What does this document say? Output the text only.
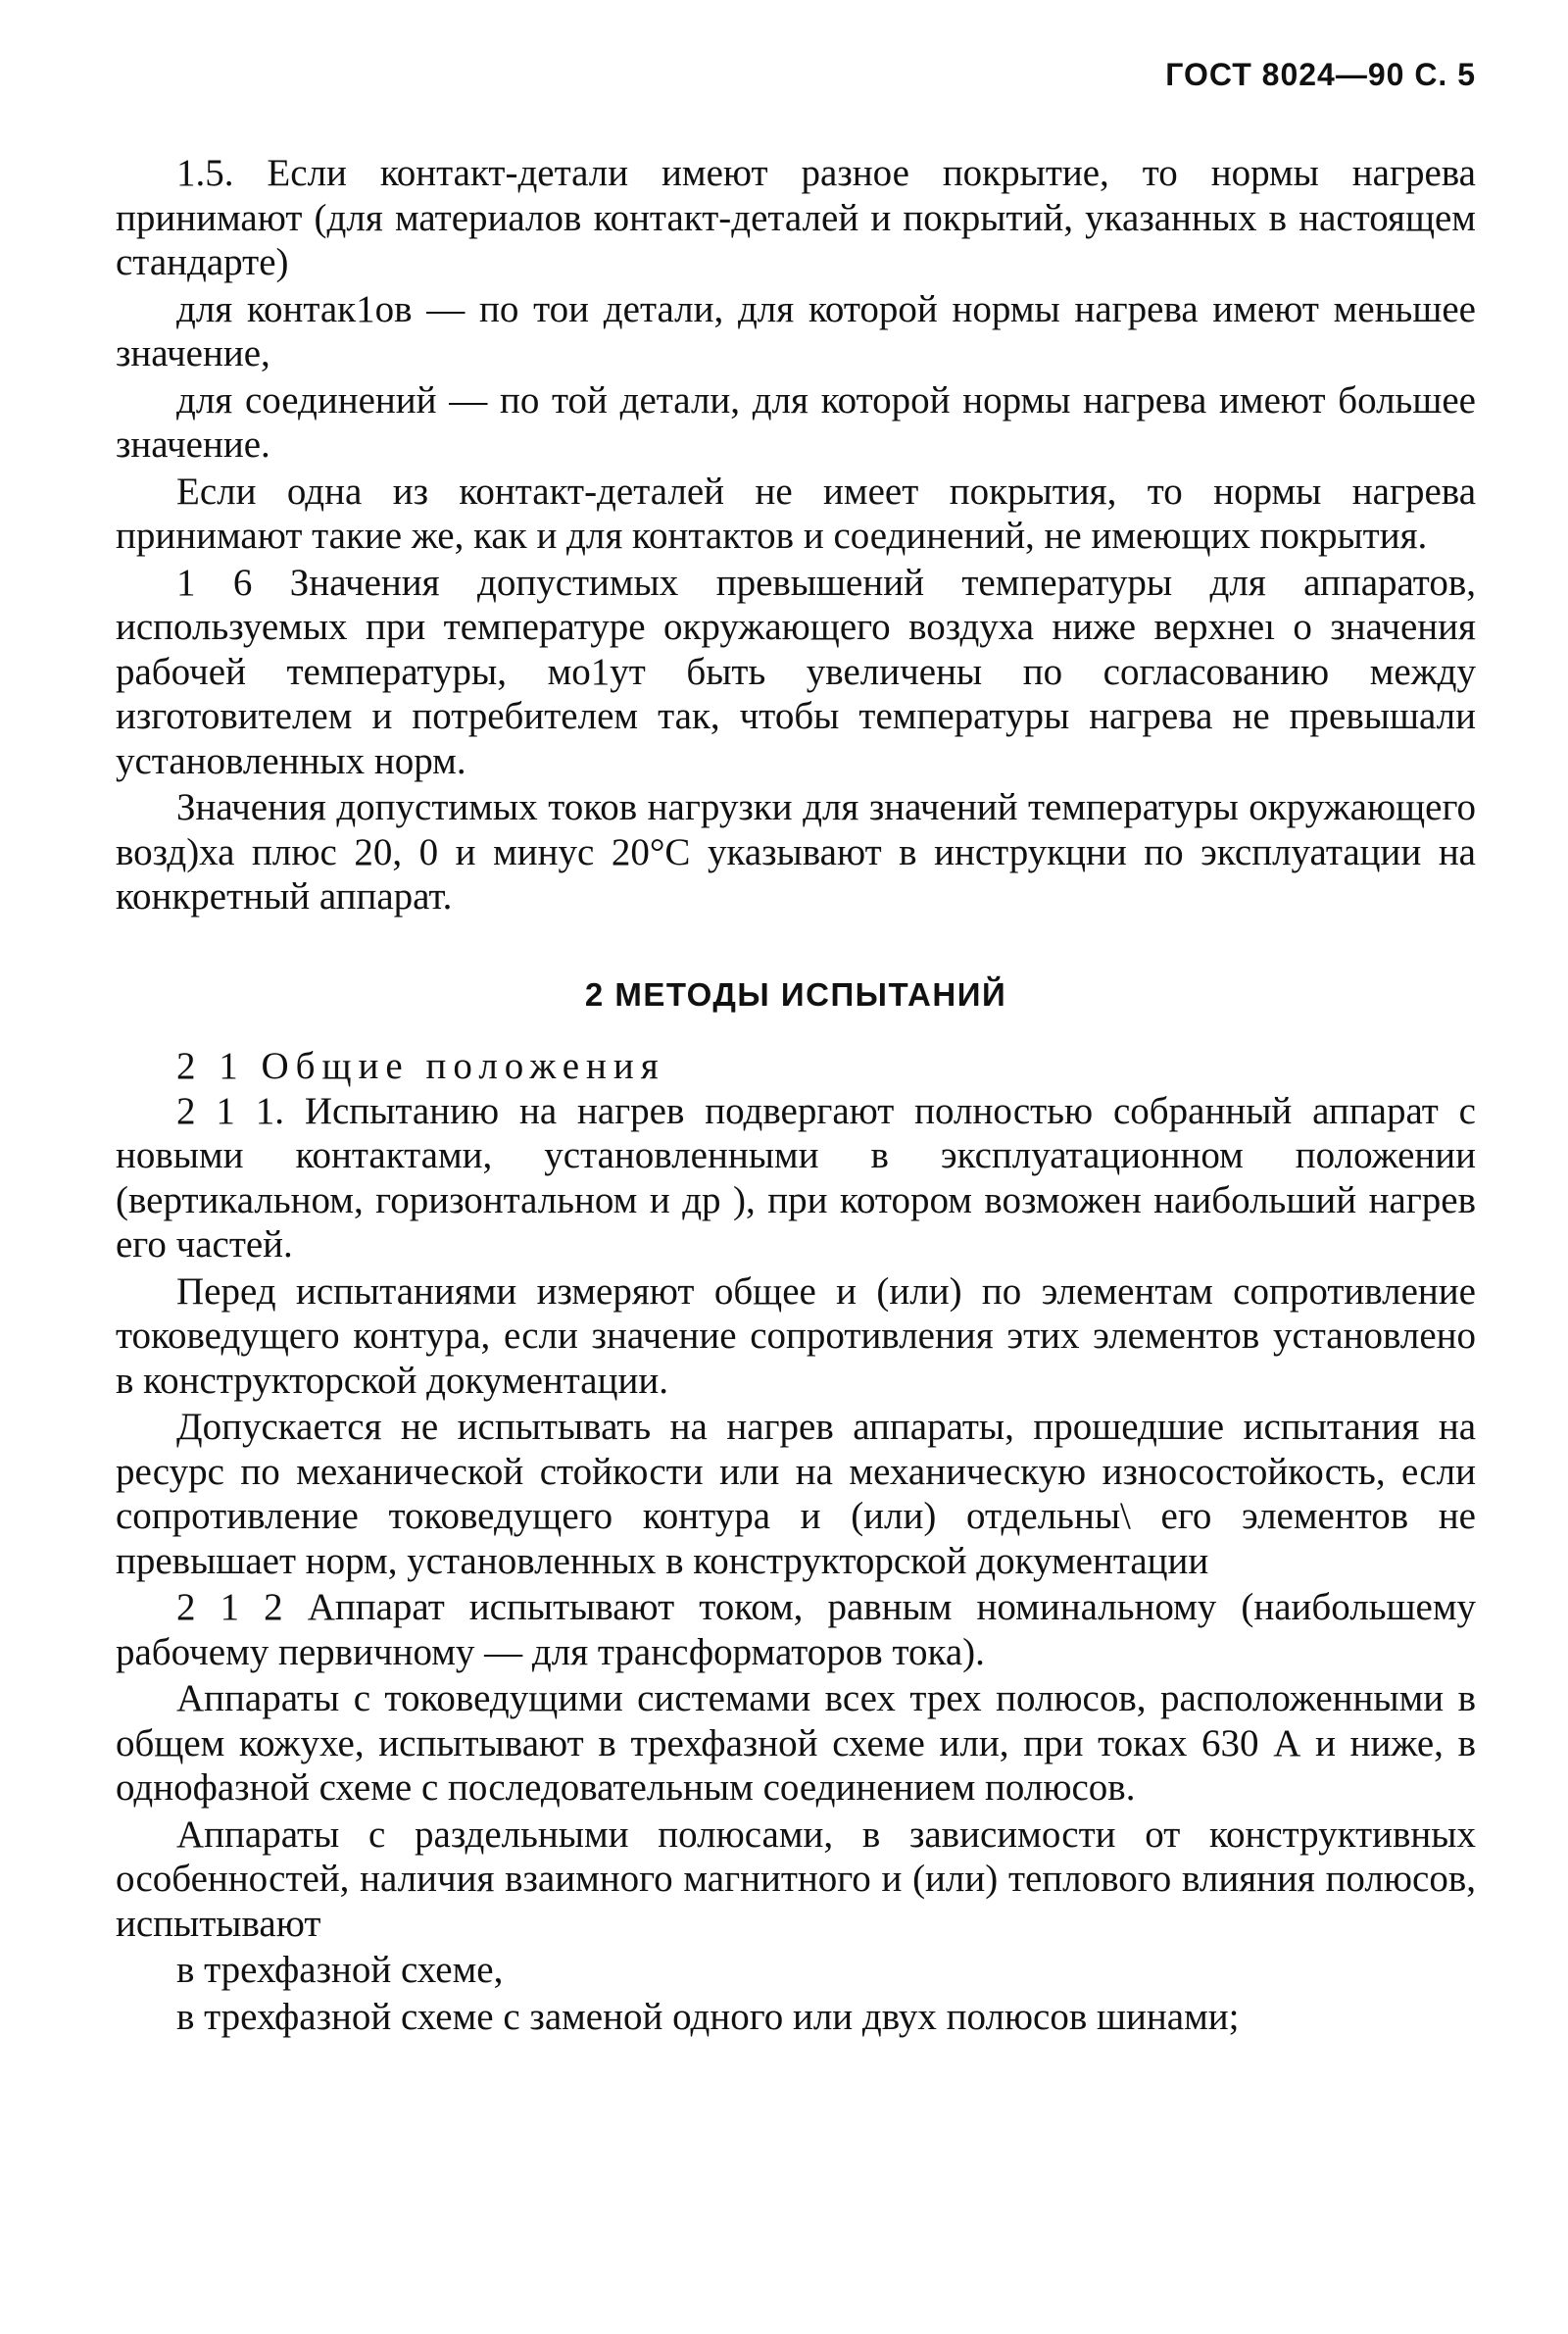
ГОСТ 8024—90 С. 5

1.5. Если контакт-детали имеют разное покрытие, то нормы нагрева принимают (для материалов контакт-деталей и покрытий, указанных в настоящем стандарте)

для контак1ов — по тои детали, для которой нормы нагрева имеют меньшее значение,

для соединений — по той детали, для которой нормы нагрева имеют большее значение.

Если одна из контакт-деталей не имеет покрытия, то нормы нагрева принимают такие же, как и для контактов и соединений, не имеющих покрытия.

1 6 Значения допустимых превышений температуры для аппаратов, используемых при температуре окружающего воздуха ниже верхнеı о значения рабочей температуры, мо1ут быть увеличены по согласованию между изготовителем и потребителем так, чтобы температуры нагрева не превышали установленных норм.

Значения допустимых токов нагрузки для значений температуры окружающего возд)ха плюс 20, 0 и минус 20°С указывают в инструкцни по эксплуатации на конкретный аппарат.

2 МЕТОДЫ ИСПЫТАНИЙ

2 1 Общие положения

2 1 1. Испытанию на нагрев подвергают полностью собранный аппарат с новыми контактами, установленными в эксплуатационном положении (вертикальном, горизонтальном и др ), при котором возможен наибольший нагрев его частей.

Перед испытаниями измеряют общее и (или) по элементам сопротивление токоведущего контура, если значение сопротивления этих элементов установлено в конструкторской документации.

Допускается не испытывать на нагрев аппараты, прошедшие испытания на ресурс по механической стойкости или на механическую износостойкость, если сопротивление токоведущего контура и (или) отдельны\ его элементов не превышает норм, установленных в конструкторской документации

2 1 2 Аппарат испытывают током, равным номинальному (наибольшему рабочему первичному — для трансформаторов тока).

Аппараты с токоведущими системами всех трех полюсов, расположенными в общем кожухе, испытывают в трехфазной схеме или, при токах 630 А и ниже, в однофазной схеме с последовательным соединением полюсов.

Аппараты с раздельными полюсами, в зависимости от конструктивных особенностей, наличия взаимного магнитного и (или) теплового влияния полюсов, испытывают

в трехфазной схеме,

в трехфазной схеме с заменой одного или двух полюсов шинами;
